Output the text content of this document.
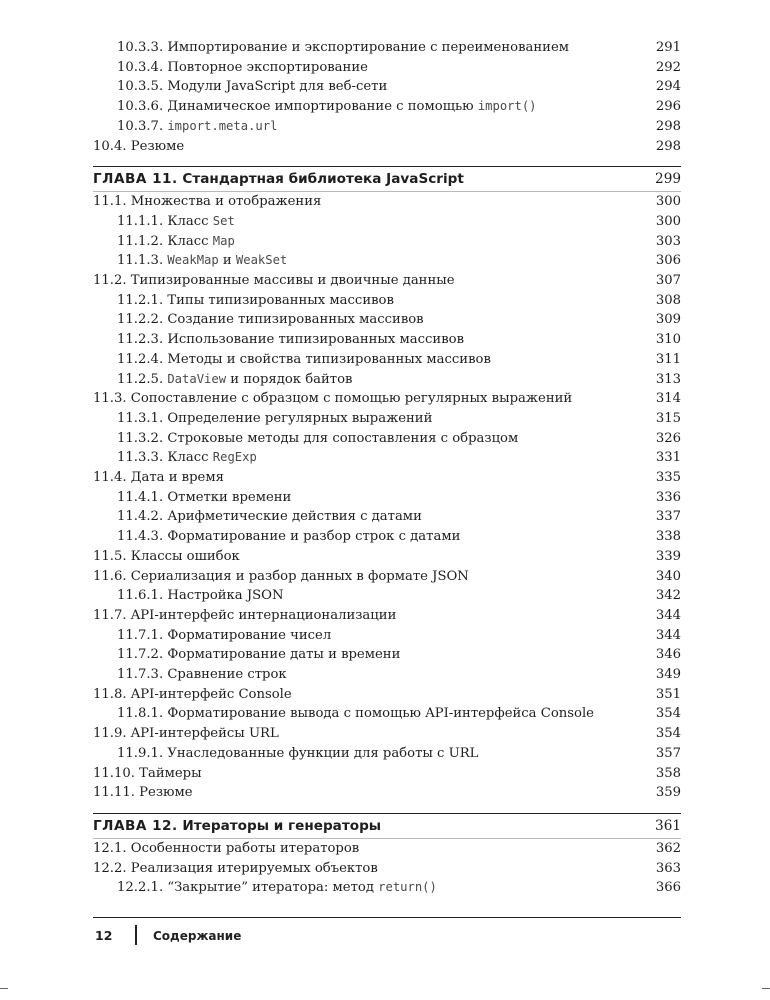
10.3.3. Импортирование и экспортирование с переименованием	291
10.3.4. Повторное экспортирование	292
10.3.5. Модули JavaScript для веб-сети	294
10.3.6. Динамическое импортирование с помощью import()	296
10.3.7. import.meta.url	298
10.4. Резюме	298
ГЛАВА 11. Стандартная библиотека JavaScript	299
11.1. Множества и отображения	300
11.1.1. Класс Set	300
11.1.2. Класс Map	303
11.1.3. WeakMap и WeakSet	306
11.2. Типизированные массивы и двоичные данные	307
11.2.1. Типы типизированных массивов	308
11.2.2. Создание типизированных массивов	309
11.2.3. Использование типизированных массивов	310
11.2.4. Методы и свойства типизированных массивов	311
11.2.5. DataView и порядок байтов	313
11.3. Сопоставление с образцом с помощью регулярных выражений	314
11.3.1. Определение регулярных выражений	315
11.3.2. Строковые методы для сопоставления с образцом	326
11.3.3. Класс RegExp	331
11.4. Дата и время	335
11.4.1. Отметки времени	336
11.4.2. Арифметические действия с датами	337
11.4.3. Форматирование и разбор строк с датами	338
11.5. Классы ошибок	339
11.6. Сериализация и разбор данных в формате JSON	340
11.6.1. Настройка JSON	342
11.7. API-интерфейс интернационализации	344
11.7.1. Форматирование чисел	344
11.7.2. Форматирование даты и времени	346
11.7.3. Сравнение строк	349
11.8. API-интерфейс Console	351
11.8.1. Форматирование вывода с помощью API-интерфейса Console	354
11.9. API-интерфейсы URL	354
11.9.1. Унаследованные функции для работы с URL	357
11.10. Таймеры	358
11.11. Резюме	359
ГЛАВА 12. Итераторы и генераторы	361
12.1. Особенности работы итераторов	362
12.2. Реализация итерируемых объектов	363
12.2.1. “Закрытие” итератора: метод return()	366
12	Содержание
